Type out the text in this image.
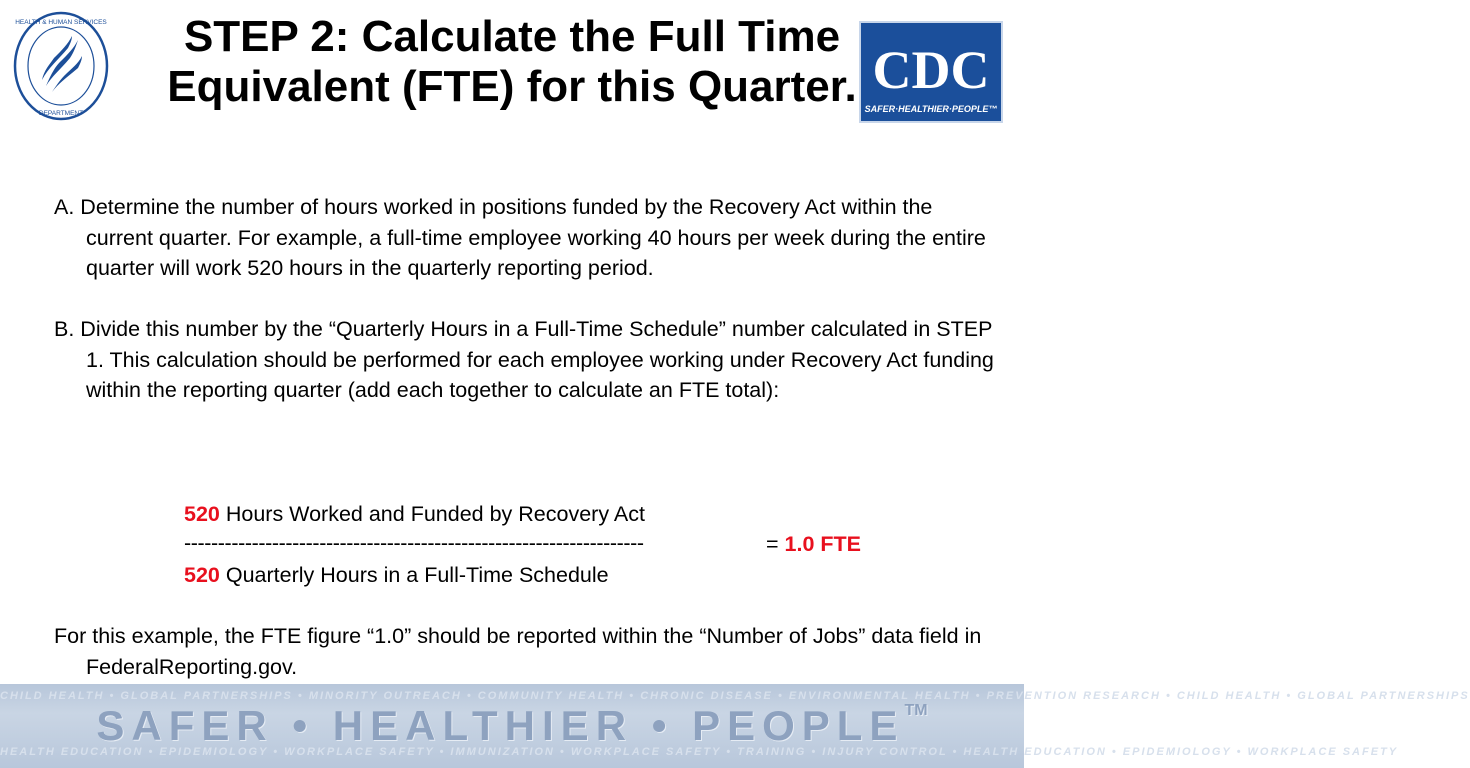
HEALTH & HUMAN SERVICES
DEPARTMENT
CDC
SAFER·HEALTHIER·PEOPLE™
STEP 2: Calculate the Full Time Equivalent (FTE) for this Quarter.

A. Determine the number of hours worked in positions funded by the Recovery Act within the current quarter. For example, a full-time employee working 40 hours per week during the entire quarter will work 520 hours in the quarterly reporting period.

B. Divide this number by the “Quarterly Hours in a Full-Time Schedule” number calculated in STEP 1. This calculation should be performed for each employee working under Recovery Act funding within the reporting quarter (add each together to calculate an FTE total):

520 Hours Worked and Funded by Recovery Act
520 Quarterly Hours in a Full-Time Schedule
--------------------------------------------------------------------	= 1.0 FTE

For this example, the FTE figure “1.0” should be reported within the “Number of Jobs” data field in FederalReporting.gov.

CHILD HEALTH • GLOBAL PARTNERSHIPS • MINORITY OUTREACH • COMMUNITY HEALTH • CHRONIC DISEASE • ENVIRONMENTAL HEALTH • PREVENTION RESEARCH • CHILD HEALTH • GLOBAL PARTNERSHIPS
SAFER • HEALTHIER • PEOPLE™
HEALTH EDUCATION • EPIDEMIOLOGY • WORKPLACE SAFETY • IMMUNIZATION • WORKPLACE SAFETY • TRAINING • INJURY CONTROL • HEALTH EDUCATION • EPIDEMIOLOGY • WORKPLACE SAFETY
